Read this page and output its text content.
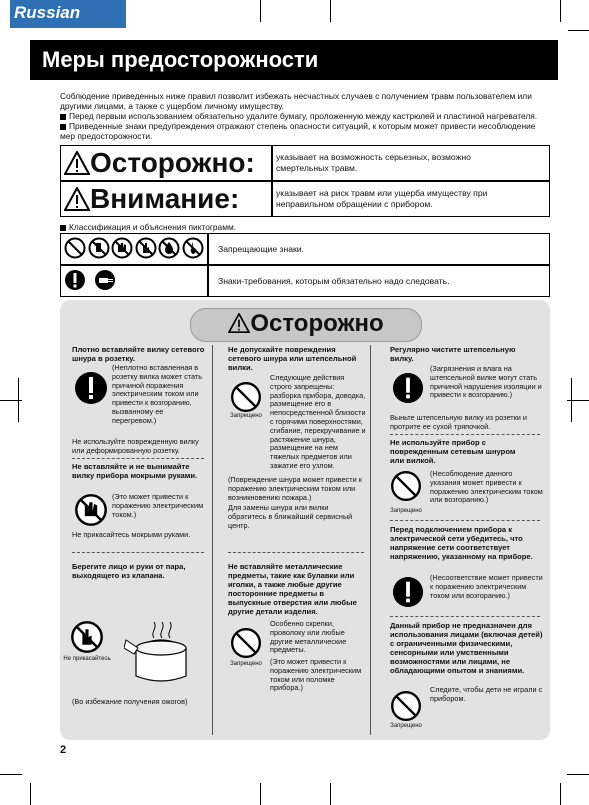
Russian
Меры предосторожности

Соблюдение приведенных ниже правил позволит избежать несчастных случаев с получением травм пользователем или другими лицами, а также с ущербом личному имуществу.

Перед первым использованием обязательно удалите бумагу, проложенную между кастрюлей и пластиной нагревателя.

Приведенные знаки предупреждения отражают степень опасности ситуаций, к которым может привести несоблюдение мер предосторожности.

Осторожно: указывает на возможность серьезных, возможно смертельных травм.
Внимание:	указывает на риск травм или ущерба имуществу при неправильном обращении с прибором.
Классификация и объяснения пиктограмм.
Запрещающие знаки.
Знаки-требования, которым обязательно надо следовать.
Осторожно
Плотно вставляйте вилку сетевого шнура в розетку.
(Неплотно вставленная в розетку вилка может стать причиной поражения электрическим током или привести к возгоранию, вызванному ее перегревом.)
Не используйте поврежденную вилку или деформированную розетку.
Не вставляйте и не вынимайте вилку прибора мокрыми руками.
(Это может привести к поражению электрическим током.)
Не прикасайтесь мокрыми руками.
Берегите лицо и руки от пара, выходящего из клапана.
Не прикасайтесь
(Во избежание получения ожогов)
Не допускайте повреждения сетевого шнура или штепсельной вилки.
Запрещено
Следующие действия строго запрещены: разборка прибора, доводка, размещение его в непосредственной близости с горячими поверхностями, сгибание, перекручивание и растяжение шнура, размещение на нем тяжелых предметов или зажатие его узлом.
(Повреждение шнура может привести к поражению электрическим током или возникновению пожара.)
Для замены шнура или вилки обратитесь в ближайший сервисный центр.
Не вставляйте металлические предметы, такие как булавки или иголки, а также любые другие посторонние предметы в выпускные отверстия или любые другие детали изделия.
Запрещено
Особенно скрепки, проволоку или любые другие металлические предметы.
(Это может привести к поражению электрическим током или поломке прибора.)
Регулярно чистите штепсельную вилку.
(Загрязнения и влага на штепсельной вилке могут стать причиной нарушения изоляции и привести к возгоранию.)
Выньте штепсельную вилку из розетки и протрите ее сухой тряпочкой.
Не используйте прибор с поврежденным сетевым шнуром или вилкой.
Запрещено
(Несоблюдение данного указания может привести к поражению электрическим током или возгоранию.)
Перед подключением прибора к электрической сети убедитесь, что напряжение сети соответствует напряжению, указанному на приборе.
(Несоответствие может привести к поражению электрическим током или возгоранию.)
Данный прибор не предназначен для использования лицами (включая детей) с ограниченными физическими, сенсорными или умственными возможностями или лицами, не обладающими опытом и знаниями.
Запрещено
Следите, чтобы дети не играли с прибором.
2
